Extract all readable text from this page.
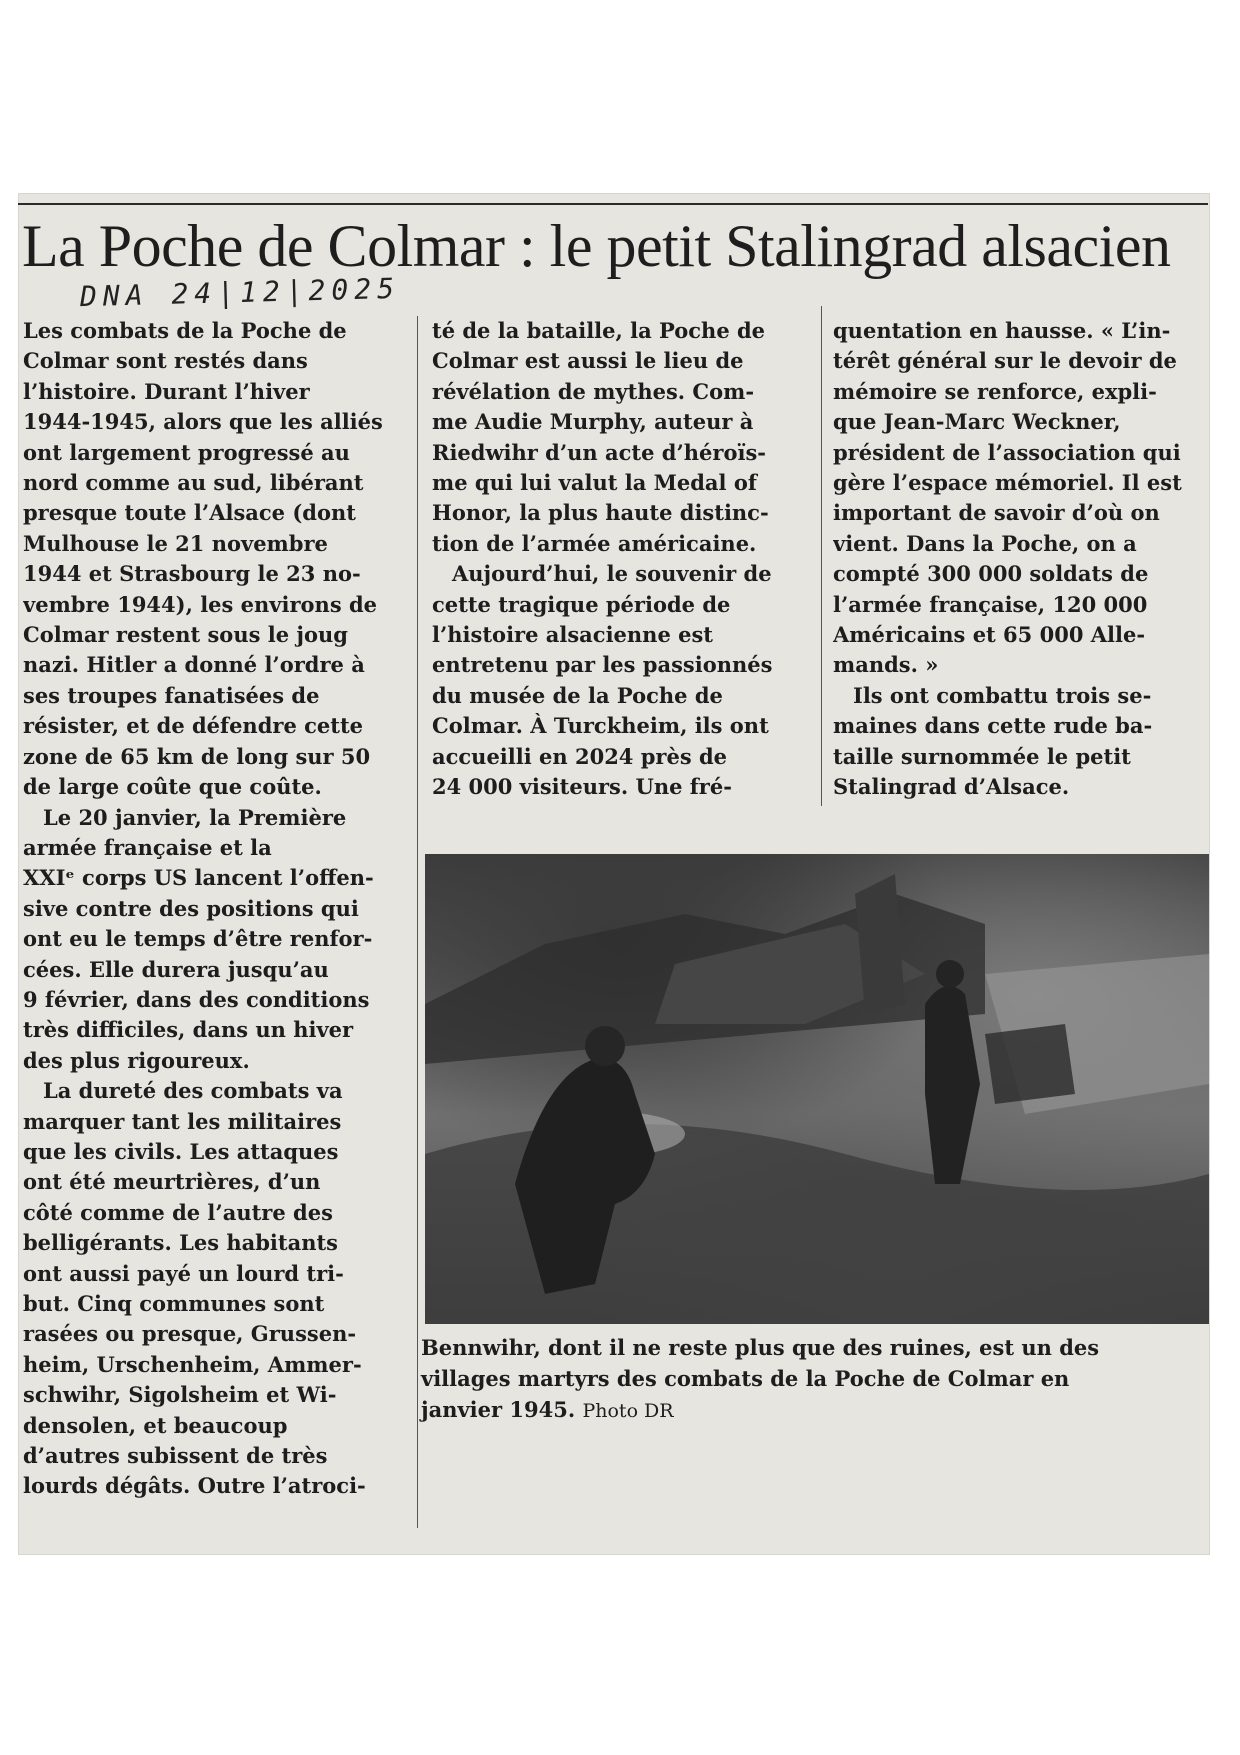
La Poche de Colmar : le petit Stalingrad alsacien
DNA 24|12|2025
Les combats de la Poche de
Colmar sont restés dans
l’histoire. Durant l’hiver
1944-1945, alors que les alliés
ont largement progressé au
nord comme au sud, libérant
presque toute l’Alsace (dont
Mulhouse le 21 novembre
1944 et Strasbourg le 23 no-
vembre 1944), les environs de
Colmar restent sous le joug
nazi. Hitler a donné l’ordre à
ses troupes fanatisées de
résister, et de défendre cette
zone de 65 km de long sur 50
de large coûte que coûte.
Le 20 janvier, la Première
armée française et la
XXIᵉ corps US lancent l’offen-
sive contre des positions qui
ont eu le temps d’être renfor-
cées. Elle durera jusqu’au
9 février, dans des conditions
très difficiles, dans un hiver
des plus rigoureux.
La dureté des combats va
marquer tant les militaires
que les civils. Les attaques
ont été meurtrières, d’un
côté comme de l’autre des
belligérants. Les habitants
ont aussi payé un lourd tri-
but. Cinq communes sont
rasées ou presque, Grussen-
heim, Urschenheim, Ammer-
schwihr, Sigolsheim et Wi-
densolen, et beaucoup
d’autres subissent de très
lourds dégâts. Outre l’atroci-
té de la bataille, la Poche de
Colmar est aussi le lieu de
révélation de mythes. Com-
me Audie Murphy, auteur à
Riedwihr d’un acte d’héroïs-
me qui lui valut la Medal of
Honor, la plus haute distinc-
tion de l’armée américaine.
Aujourd’hui, le souvenir de
cette tragique période de
l’histoire alsacienne est
entretenu par les passionnés
du musée de la Poche de
Colmar. À Turckheim, ils ont
accueilli en 2024 près de
24 000 visiteurs. Une fré-
quentation en hausse. « L’in-
térêt général sur le devoir de
mémoire se renforce, expli-
que Jean-Marc Weckner,
président de l’association qui
gère l’espace mémoriel. Il est
important de savoir d’où on
vient. Dans la Poche, on a
compté 300 000 soldats de
l’armée française, 120 000
Américains et 65 000 Alle-
mands. »
Ils ont combattu trois se-
maines dans cette rude ba-
taille surnommée le petit
Stalingrad d’Alsace.
Bennwihr, dont il ne reste plus que des ruines, est un des
villages martyrs des combats de la Poche de Colmar en
janvier 1945. Photo DR
